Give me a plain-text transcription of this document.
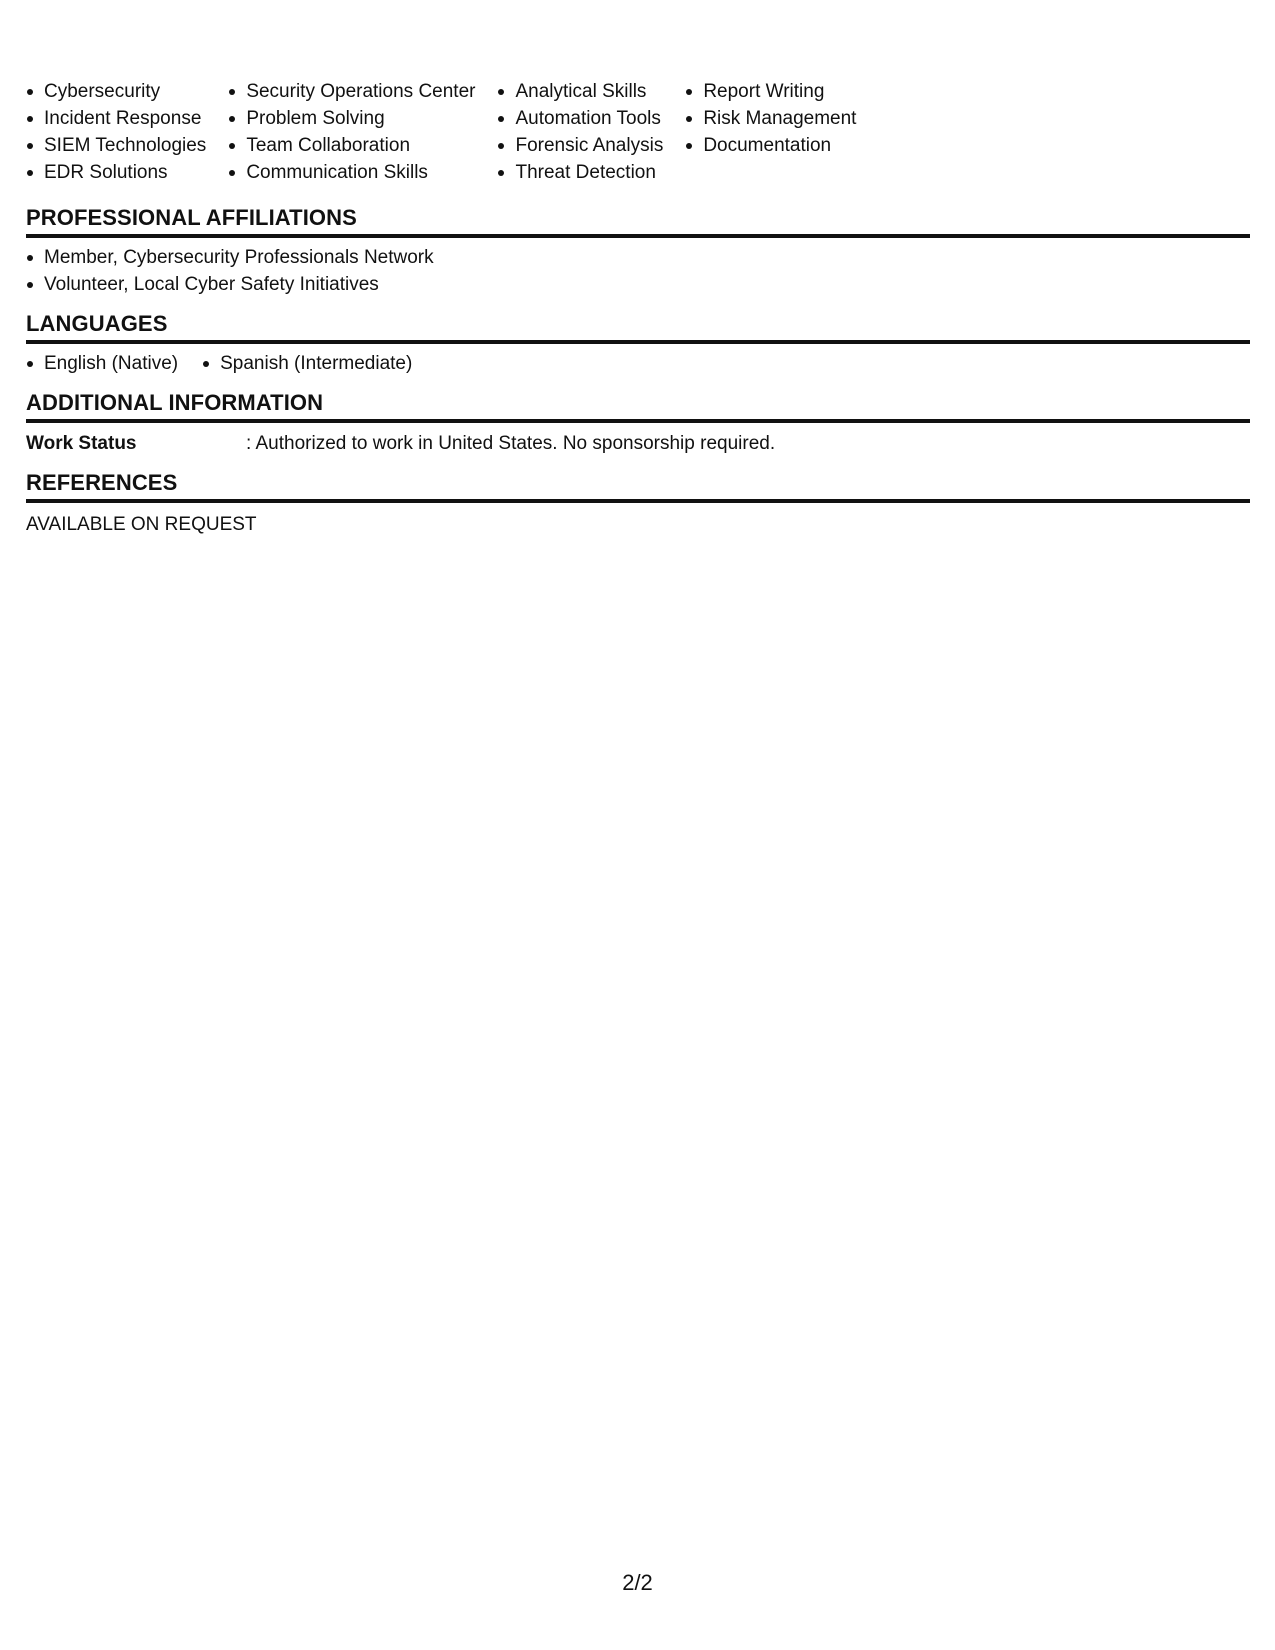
Cybersecurity
Incident Response
SIEM Technologies
EDR Solutions
Security Operations Center
Problem Solving
Team Collaboration
Communication Skills
Analytical Skills
Automation Tools
Forensic Analysis
Threat Detection
Report Writing
Risk Management
Documentation
PROFESSIONAL AFFILIATIONS
Member, Cybersecurity Professionals Network
Volunteer, Local Cyber Safety Initiatives
LANGUAGES
English (Native)	Spanish (Intermediate)
ADDITIONAL INFORMATION
Work Status	: Authorized to work in United States. No sponsorship required.
REFERENCES
AVAILABLE ON REQUEST
2/2
